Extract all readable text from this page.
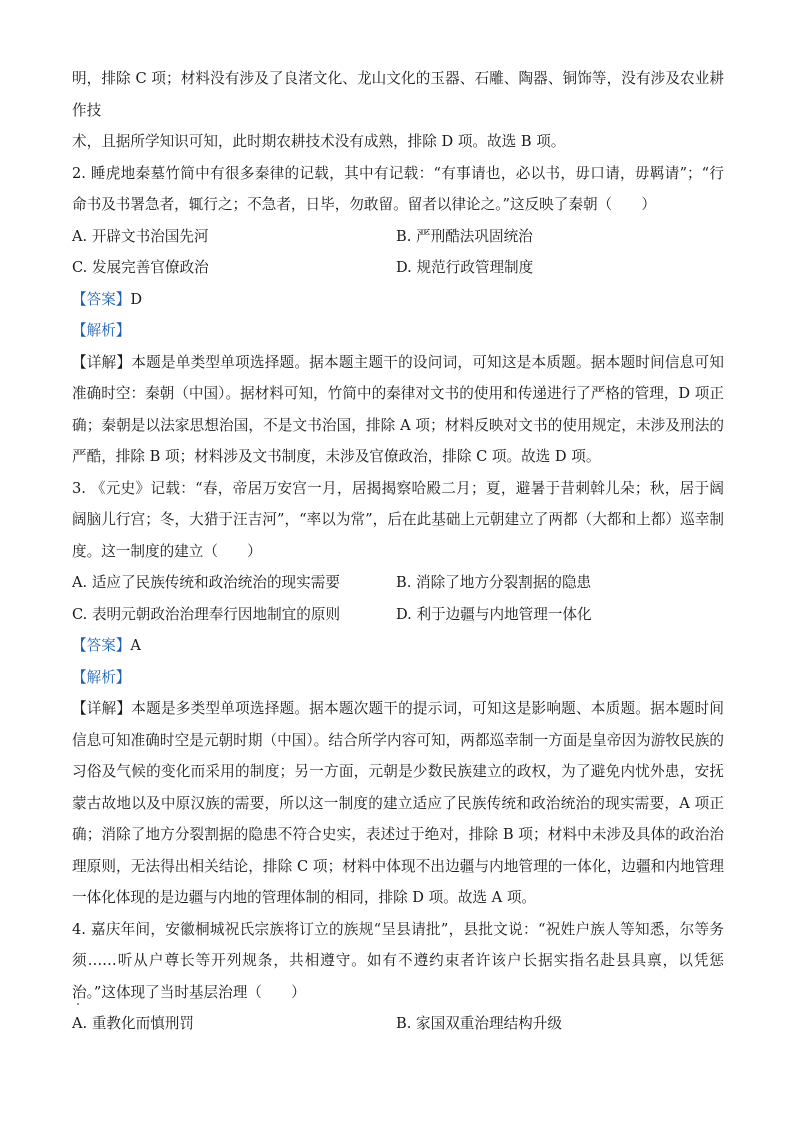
明，排除 C 项；材料没有涉及了良渚文化、龙山文化的玉器、石雕、陶器、铜饰等，没有涉及农业耕作技
术，且据所学知识可知，此时期农耕技术没有成熟，排除 D 项。故选 B 项。

2. 睡虎地秦墓竹简中有很多秦律的记载，其中有记载：“有事请也，必以书，毋口请，毋羁请”；“行命书及书署急者，辄行之；不急者，日毕，勿敢留。留者以律论之。”这反映了秦朝（　　）

A. 开辟文书治国先河	B. 严刑酷法巩固统治
C. 发展完善官僚政治	D. 规范行政管理制度

【答案】D

【解析】

【详解】本题是单类型单项选择题。据本题主题干的设问词，可知这是本质题。据本题时间信息可知准确时空：秦朝（中国）。据材料可知，竹简中的秦律对文书的使用和传递进行了严格的管理，D 项正确；秦朝是以法家思想治国，不是文书治国，排除 A 项；材料反映对文书的使用规定，未涉及刑法的严酷，排除 B 项；材料涉及文书制度，未涉及官僚政治，排除 C 项。故选 D 项。

3. 《元史》记载：“春，帝居万安宫一月，居揭揭察哈殿二月；夏，避暑于昔刺斡儿朵；秋，居于阔阔脑儿行宫；冬，大猎于汪吉河”，“率以为常”，后在此基础上元朝建立了两都（大都和上都）巡幸制度。这一制度的建立（　　）

A. 适应了民族传统和政治统治的现实需要	B. 消除了地方分裂割据的隐患
C. 表明元朝政治治理奉行因地制宜的原则	D. 利于边疆与内地管理一体化

【答案】A

【解析】

【详解】本题是多类型单项选择题。据本题次题干的提示词，可知这是影响题、本质题。据本题时间信息可知准确时空是元朝时期（中国）。结合所学内容可知，两都巡幸制一方面是皇帝因为游牧民族的习俗及气候的变化而采用的制度；另一方面，元朝是少数民族建立的政权，为了避免内忧外患，安抚蒙古故地以及中原汉族的需要，所以这一制度的建立适应了民族传统和政治统治的现实需要，A 项正确；消除了地方分裂割据的隐患不符合史实，表述过于绝对，排除 B 项；材料中未涉及具体的政治治理原则，无法得出相关结论，排除 C 项；材料中体现不出边疆与内地管理的一体化，边疆和内地管理一体化体现的是边疆与内地的管理体制的相同，排除 D 项。故选 A 项。

4. 嘉庆年间，安徽桐城祝氏宗族将订立的族规“呈县请批”，县批文说：“祝姓户族人等知悉，尔等务须……听从户尊长等开列规条，共相遵守。如有不遵约束者许该户长据实指名赴县具禀，以凭惩治。”这体现了当时基层治理（　　）

A. 重教化而慎刑罚	B. 家国双重治理结构升级
